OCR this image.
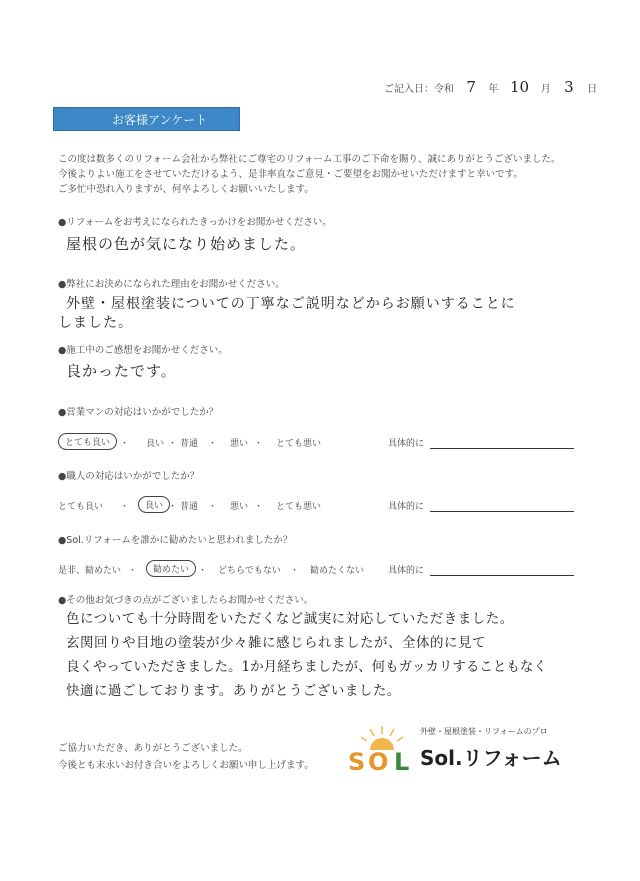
ご記入日：令和 7 年 10 月 3 日
お客様アンケート
この度は数多くのリフォーム会社から弊社にご尊宅のリフォーム工事のご下命を賜り、誠にありがとうございました。
今後よりよい施工をさせていただけるよう、是非率直なご意見・ご要望をお聞かせいただけますと幸いです。
ご多忙中恐れ入りますが、何卒よろしくお願いいたします。
●リフォームをお考えになられたきっかけをお聞かせください。
屋根の色が気になり始めました。
●弊社にお決めになられた理由をお聞かせください。
外壁・屋根塗装についての丁寧なご説明などからお願いすることに
しました。
●施工中のご感想をお聞かせください。
良かったです。
●営業マンの対応はいかがでしたか？
とても良い	・ 良い ・ 普通 ・ 悪い ・ とても悪い	具体的に
●職人の対応はいかがでしたか？
とても良い ・	良い ・ 普通 ・ 悪い ・ とても悪い	具体的に
●Sol.リフォームを誰かに勧めたいと思われましたか？
是非、勧めたい ・	勧めたい ・ どちらでもない ・ 勧めたくない	具体的に
●その他お気づきの点がございましたらお聞かせください。
色についても十分時間をいただくなど誠実に対応していただきました。
玄関回りや目地の塗装が少々雑に感じられましたが、全体的に見て
良くやっていただきました。1か月経ちましたが、何もガッカリすることもなく
快適に過ごしております。ありがとうございました。
ご協力いただき、ありがとうございました。
今後とも末永いお付き合いをよろしくお願い申し上げます。 S O L
外壁・屋根塗装・リフォームのプロ
Sol.リフォーム
